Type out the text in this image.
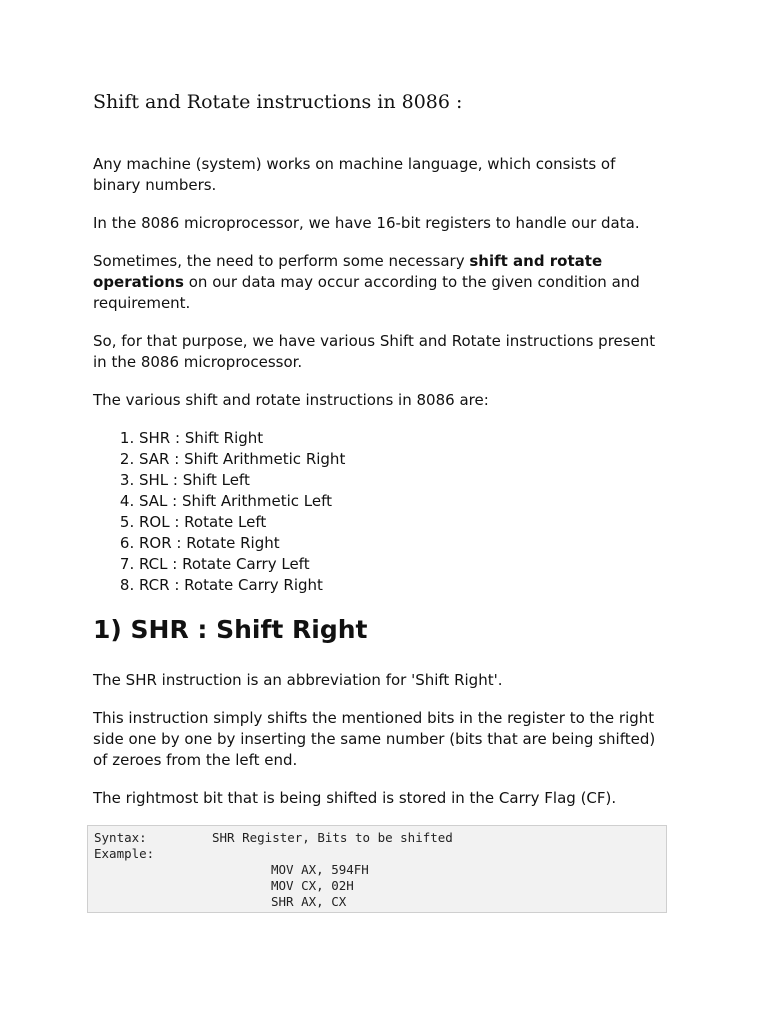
Shift and Rotate instructions in 8086 :

Any machine (system) works on machine language, which consists of binary numbers.

In the 8086 microprocessor, we have 16-bit registers to handle our data.

Sometimes, the need to perform some necessary shift and rotate operations on our data may occur according to the given condition and requirement.

So, for that purpose, we have various Shift and Rotate instructions present in the 8086 microprocessor.

The various shift and rotate instructions in 8086 are:

1. SHR : Shift Right
2. SAR : Shift Arithmetic Right
3. SHL : Shift Left
4. SAL : Shift Arithmetic Left
5. ROL : Rotate Left
6. ROR : Rotate Right
7. RCL : Rotate Carry Left
8. RCR : Rotate Carry Right
1) SHR : Shift Right

The SHR instruction is an abbreviation for 'Shift Right'.

This instruction simply shifts the mentioned bits in the register to the right side one by one by inserting the same number (bits that are being shifted) of zeroes from the left end.

The rightmost bit that is being shifted is stored in the Carry Flag (CF).

Syntax:	SHR Register, Bits to be shifted
Example:
MOV AX, 594FH
MOV CX, 02H
SHR AX, CX
